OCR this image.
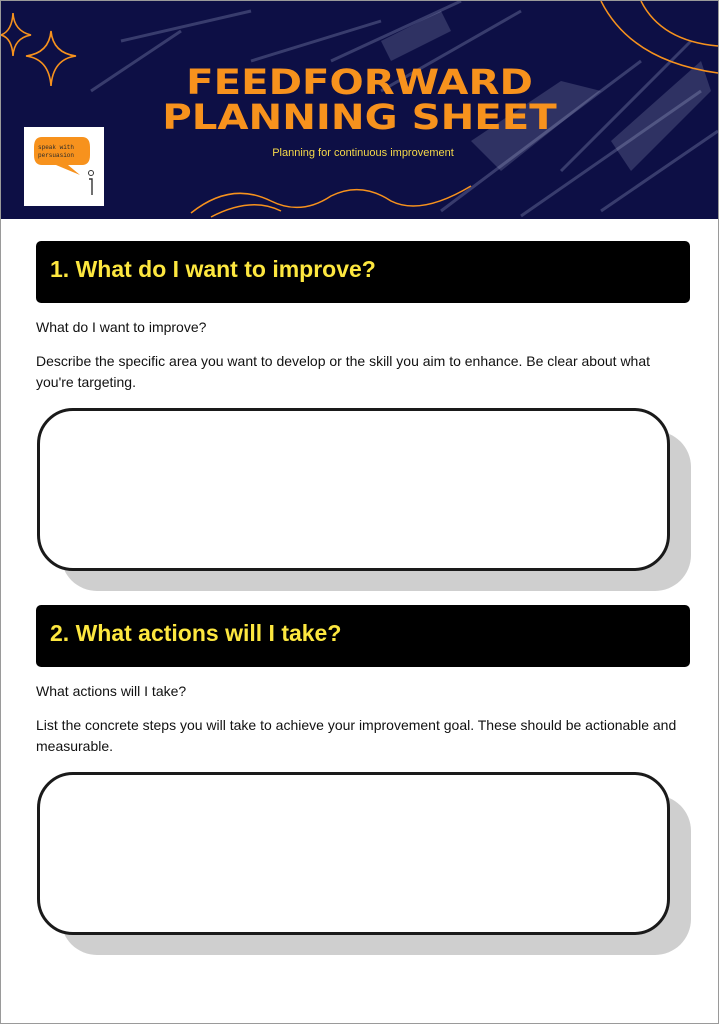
FEEDFORWARD
PLANNING SHEET
Planning for continuous improvement
speak with
persuasion
1. What do I want to improve?
What do I want to improve?
Describe the specific area you want to develop or the skill you aim to enhance. Be clear about what you're targeting.
2. What actions will I take?
What actions will I take?
List the concrete steps you will take to achieve your improvement goal. These should be actionable and measurable.
